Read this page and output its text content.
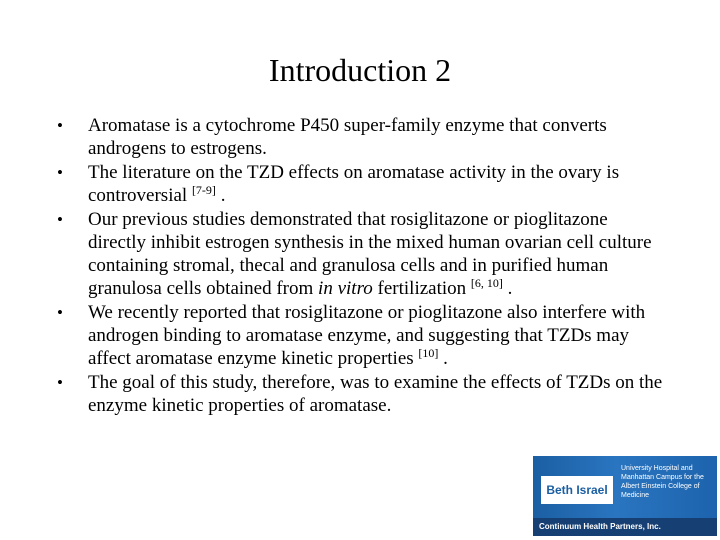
Introduction 2
• Aromatase is a cytochrome P450 super-family enzyme that converts androgens to estrogens.
• The literature on the TZD effects on aromatase activity in the ovary is controversial [7-9] .
• Our previous studies demonstrated that rosiglitazone or pioglitazone directly inhibit estrogen synthesis in the mixed human ovarian cell culture containing stromal, thecal and granulosa cells and in purified human granulosa cells obtained from in vitro fertilization [6, 10] .
• We recently reported that rosiglitazone or pioglitazone also interfere with androgen binding to aromatase enzyme, and suggesting that TZDs may affect aromatase enzyme kinetic properties [10] .
• The goal of this study, therefore, was to examine the effects of TZDs on the enzyme kinetic properties of aromatase.
Beth Israel
University Hospital and Manhattan Campus for the Albert Einstein College of Medicine
Continuum Health Partners, Inc.
